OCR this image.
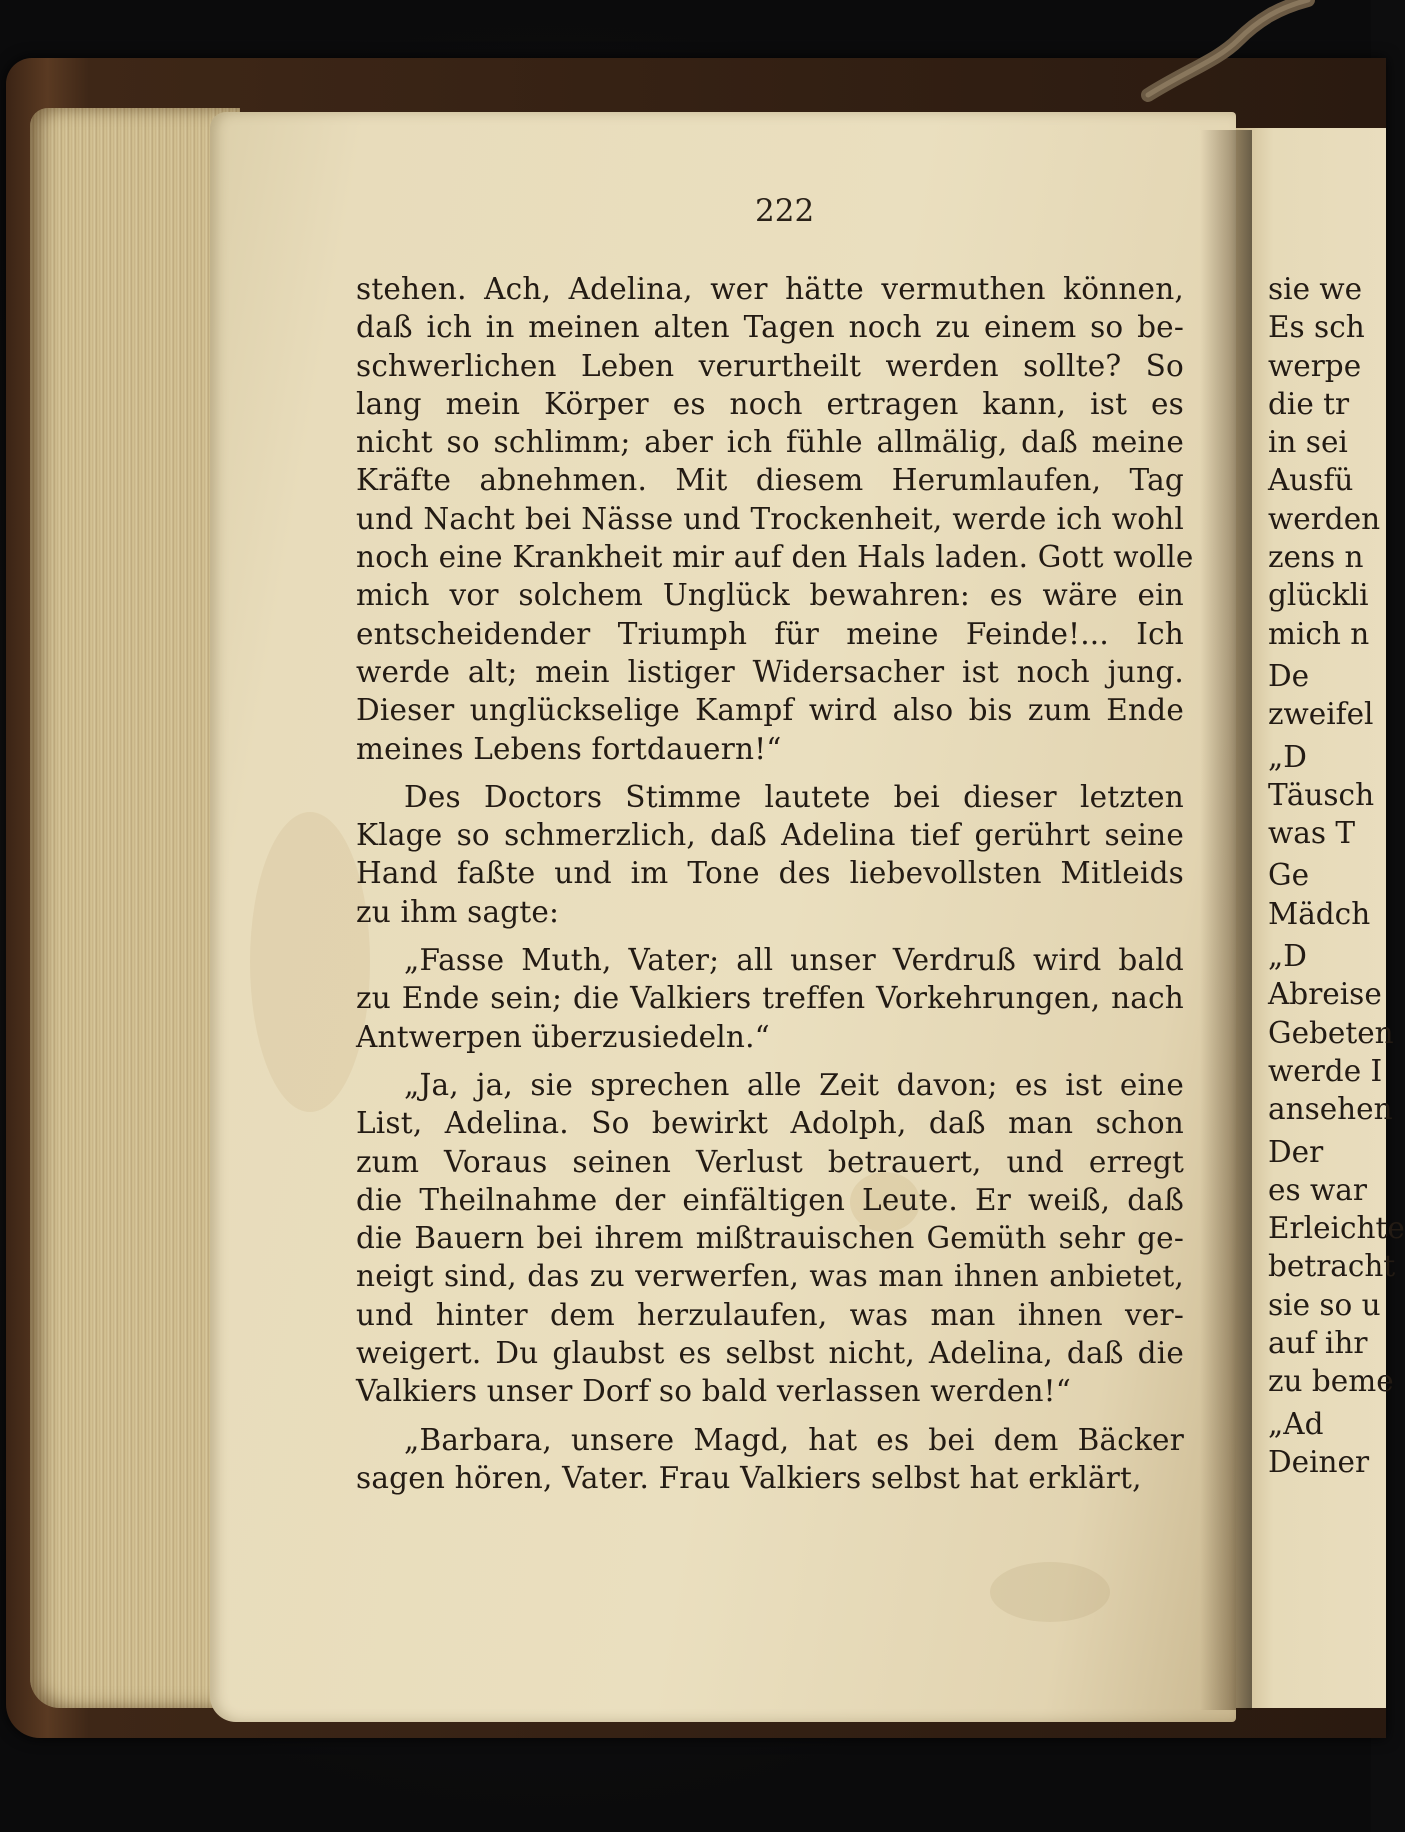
222
stehen. Ach, Adelina, wer hätte vermuthen können,
daß ich in meinen alten Tagen noch zu einem so be-
schwerlichen Leben verurtheilt werden sollte? So
lang mein Körper es noch ertragen kann, ist es
nicht so schlimm; aber ich fühle allmälig, daß meine
Kräfte abnehmen. Mit diesem Herumlaufen, Tag
und Nacht bei Nässe und Trockenheit, werde ich wohl
noch eine Krankheit mir auf den Hals laden. Gott wolle
mich vor solchem Unglück bewahren: es wäre ein
entscheidender Triumph für meine Feinde!... Ich
werde alt; mein listiger Widersacher ist noch jung.
Dieser unglückselige Kampf wird also bis zum Ende
meines Lebens fortdauern!“
Des Doctors Stimme lautete bei dieser letzten
Klage so schmerzlich, daß Adelina tief gerührt seine
Hand faßte und im Tone des liebevollsten Mitleids
zu ihm sagte:
„Fasse Muth, Vater; all unser Verdruß wird bald
zu Ende sein; die Valkiers treffen Vorkehrungen, nach
Antwerpen überzusiedeln.“
„Ja, ja, sie sprechen alle Zeit davon; es ist eine
List, Adelina. So bewirkt Adolph, daß man schon
zum Voraus seinen Verlust betrauert, und erregt
die Theilnahme der einfältigen Leute. Er weiß, daß
die Bauern bei ihrem mißtrauischen Gemüth sehr ge-
neigt sind, das zu verwerfen, was man ihnen anbietet,
und hinter dem herzulaufen, was man ihnen ver-
weigert. Du glaubst es selbst nicht, Adelina, daß die
Valkiers unser Dorf so bald verlassen werden!“
„Barbara, unsere Magd, hat es bei dem Bäcker
sagen hören, Vater. Frau Valkiers selbst hat erklärt,
sie we
Es sch
werpe
die tr
in sei
Ausfü
werden
zens n
glückli
mich n
De
zweifel
„D
Täusch
was T
Ge
Mädch
„D
Abreise
Gebeten
werde I
ansehen
Der
es war
Erleichte
betracht
sie so u
auf ihr
zu beme
„Ad
Deiner
